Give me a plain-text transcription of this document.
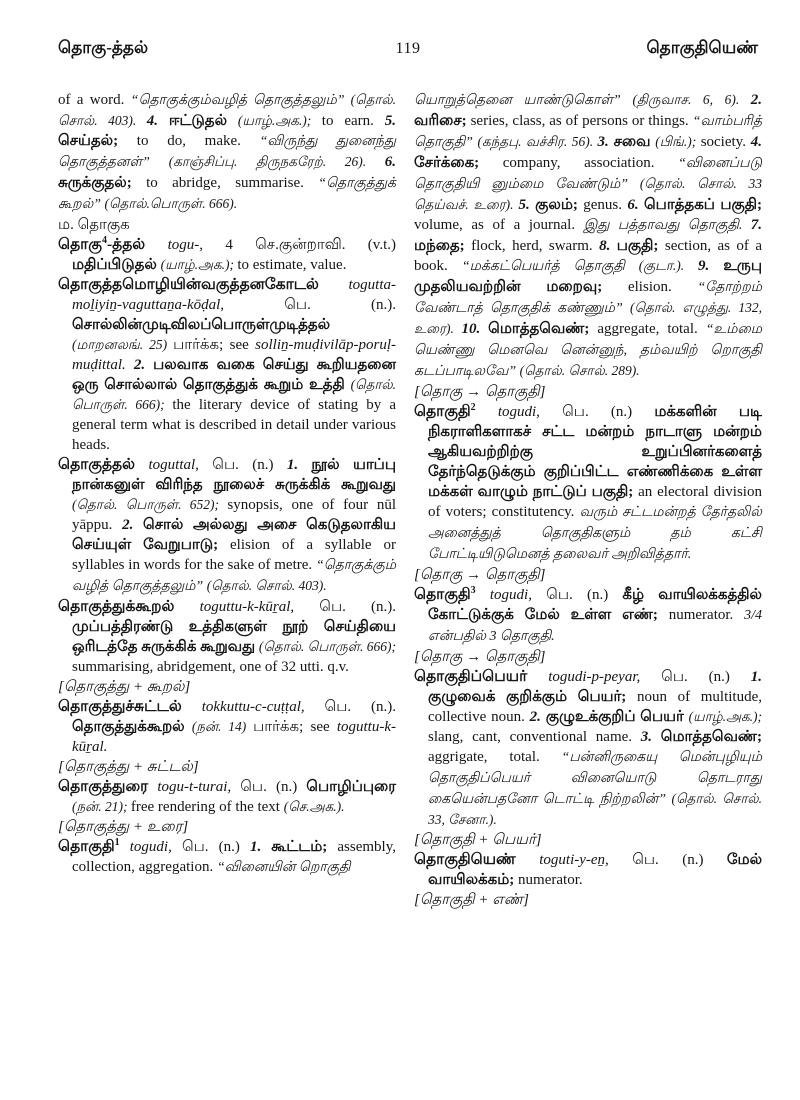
தொகு-த்தல்	119	தொகுதியெண்

of a word. “தொகுக்கும்வழித் தொகுத்தலும்” (தொல். சொல். 403). 4. ஈட்டுதல் (யாழ்.அக.); to earn. 5. செய்தல்; to do, make. “விருந்து துனைந்து தொகுத்தனள்” (காஞ்சிப்பு. திருநகரேற். 26). 6. சுருக்குதல்; to abridge, summarise. “தொகுத்துக் கூறல்” (தொல்.பொருள். 666).

ம. தொகுக

தொகு$^4$-த்தல் togu-, 4 செ.குன்றாவி. (v.t.) மதிப்பிடுதல் (யாழ்.அக.); to estimate, value.

தொகுத்தமொழியின்வகுத்தனகோடல் togutta-moḻiyiṉ-vaguttaṉa-kōḍal, பெ. (n.). சொல்லின்முடிவிலப்பொருள்முடித்தல் (மாறனலங். 25) பார்க்க; see solliṉ-muḍivilāp-poruḷ-muḍittal. 2. பலவாக வகை செய்து கூறியதனை ஒரு சொல்லால் தொகுத்துக் கூறும் உத்தி (தொல். பொருள். 666); the literary device of stating by a general term what is described in detail under various heads.

தொகுத்தல் toguttal, பெ. (n.) 1. நூல் யாப்பு நான்கனுள் விரிந்த நூலைச் சுருக்கிக் கூறுவது (தொல். பொருள். 652); synopsis, one of four nūl yāppu. 2. சொல் அல்லது அசை கெடுதலாகிய செய்யுள் வேறுபாடு; elision of a syllable or syllables in words for the sake of metre. “தொகுக்கும் வழித் தொகுத்தலும்” (தொல். சொல். 403).

தொகுத்துக்கூறல் toguttu-k-kūṟal, பெ. (n.). முப்பத்திரண்டு உத்திகளுள் நூற் செய்தியை ஒரிடத்தே சுருக்கிக் கூறுவது (தொல். பொருள். 666); summarising, abridgement, one of 32 utti. q.v.

[தொகுத்து + கூறல்]

தொகுத்துச்சுட்டல் tokkuttu-c-cuṭṭal, பெ. (n.). தொகுத்துக்கூறல் (நன். 14) பார்க்க; see toguttu-k-kūṟal.

[தொகுத்து + சுட்டல்]

தொகுத்துரை togu-t-turai, பெ. (n.) பொழிப்புரை (நன். 21); free rendering of the text (செ.அக.).

[தொகுத்து + உரை]

தொகுதி$^1$ togudi, பெ. (n.) 1. கூட்டம்; assembly, collection, aggregation. “வினையின் றொகுதி

யொறுத்தெனை யாண்டுகொள்” (திருவாச. 6, 6). 2. வரிசை; series, class, as of persons or things. “வாம்பரித் தொகுதி” (கந்தபு. வச்சிர. 56). 3. சவை (பிங்.); society. 4. சேர்க்கை; company, association. “வினைப்படு தொகுதியி னும்மை வேண்டும்” (தொல். சொல். 33 தெய்வச். உரை). 5. குலம்; genus. 6. பொத்தகப் பகுதி; volume, as of a journal. இது பத்தாவது தொகுதி. 7. மந்தை; flock, herd, swarm. 8. பகுதி; section, as of a book. “மக்கட்பெயர்த் தொகுதி (குடா.). 9. உருபு முதலியவற்றின் மறைவு; elision. “தோற்றம் வேண்டாத் தொகுதிக் கண்ணும்” (தொல். எழுத்து. 132, உரை). 10. மொத்தவெண்; aggregate, total. “உம்மை யெண்ணு மெனவெ னென்னுந், தம்வயிற் றொகுதி கடப்பாடிலவே” (தொல். சொல். 289).

[தொகு → தொகுதி]

தொகுதி$^2$ togudi, பெ. (n.) மக்களின் படி நிகராளிகளாகச் சட்ட மன்றம் நாடாளு மன்றம் ஆகியவற்றிற்கு உறுப்பினர்களைத் தேர்ந்தெடுக்கும் குறிப்பிட்ட எண்ணிக்கை உள்ள மக்கள் வாழும் நாட்டுப் பகுதி; an electoral division of voters; constitutency. வரும் சட்டமன்றத் தேர்தலில் அனைத்துத் தொகுதிகளும் தம் கட்சி போட்டியிடுமெனத் தலைவர் அறிவித்தார்.

[தொகு → தொகுதி]

தொகுதி$^3$ togudi, பெ. (n.) கீழ் வாயிலக்கத்தில் கோட்டுக்குக் மேல் உள்ள எண்; numerator. 3/4 என்பதில் 3 தொகுதி.

[தொகு → தொகுதி]

தொகுதிப்பெயர் togudi-p-peyar, பெ. (n.) 1. குழுவைக் குறிக்கும் பெயர்; noun of multitude, collective noun. 2. குழுஉக்குறிப் பெயர் (யாழ்.அக.); slang, cant, conventional name. 3. மொத்தவெண்; aggrigate, total. “பன்னிருகையு மென்புழியும் தொகுதிப்பெயர் வினையொடு தொடராது கையென்பதனோ டொட்டி நிற்றலின்” (தொல். சொல். 33, சேனா.).

[தொகுதி + பெயர்]

தொகுதியெண் toguti-y-eṉ, பெ. (n.) மேல் வாயிலக்கம்; numerator.

[தொகுதி + எண்]
